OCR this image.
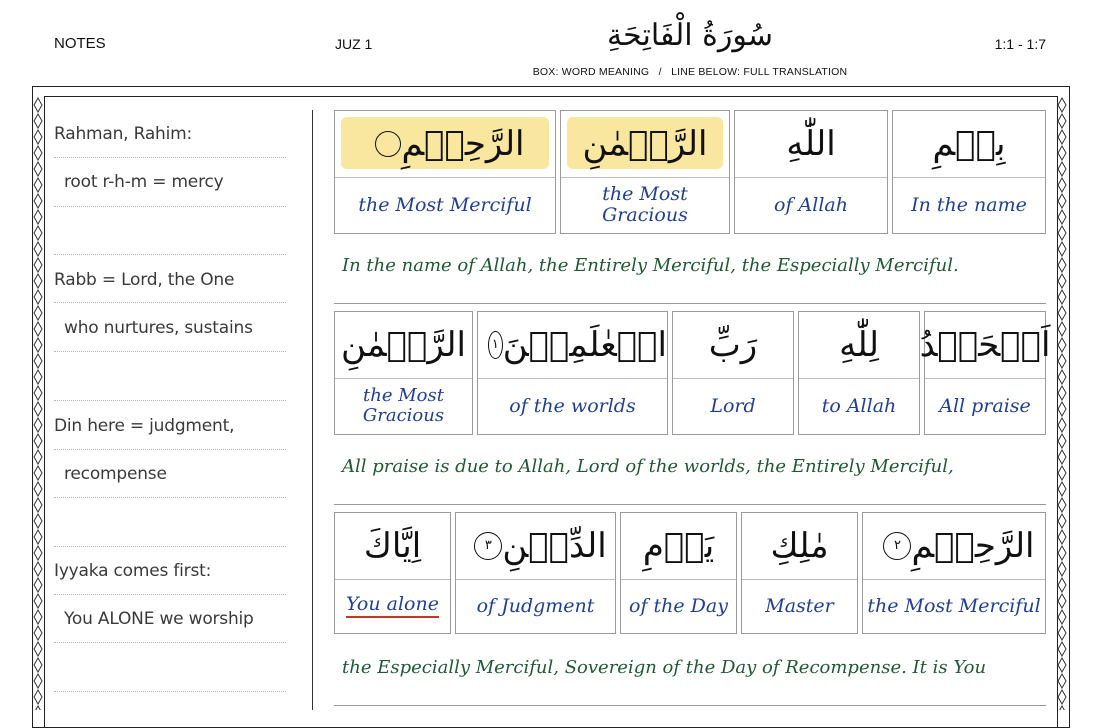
NOTES	JUZ 1	سُورَةُ الْفَاتِحَةِ	1:1 - 1:7
BOX: WORD MEANING   /   LINE BELOW: FULL TRANSLATION
Rahman, Rahim:
root r-h-m = mercy
Rabb = Lord, the One
who nurtures, sustains
Din here = judgment,
recompense
Iyyaka comes first:
You ALONE we worship
بِسۡمِ
In the name
اللّٰهِ
of Allah
الرَّحۡمٰنِ
the Most Gracious
الرَّحِيۡمِ
the Most Merciful
In the name of Allah, the Entirely Merciful, the Especially Merciful.
اَلۡحَمۡدُ
All praise
لِلّٰهِ
to Allah
رَبِّ
Lord
الۡعٰلَمِيۡنَ
١
of the worlds
الرَّحۡمٰنِ
the Most Gracious
All praise is due to Allah, Lord of the worlds, the Entirely Merciful,
الرَّحِيۡمِ
٢
the Most Merciful
مٰلِكِ
Master
يَوۡمِ
of the Day
الدِّيۡنِ
٣
of Judgment
اِيَّاكَ
You alone
the Especially Merciful, Sovereign of the Day of Recompense. It is You
